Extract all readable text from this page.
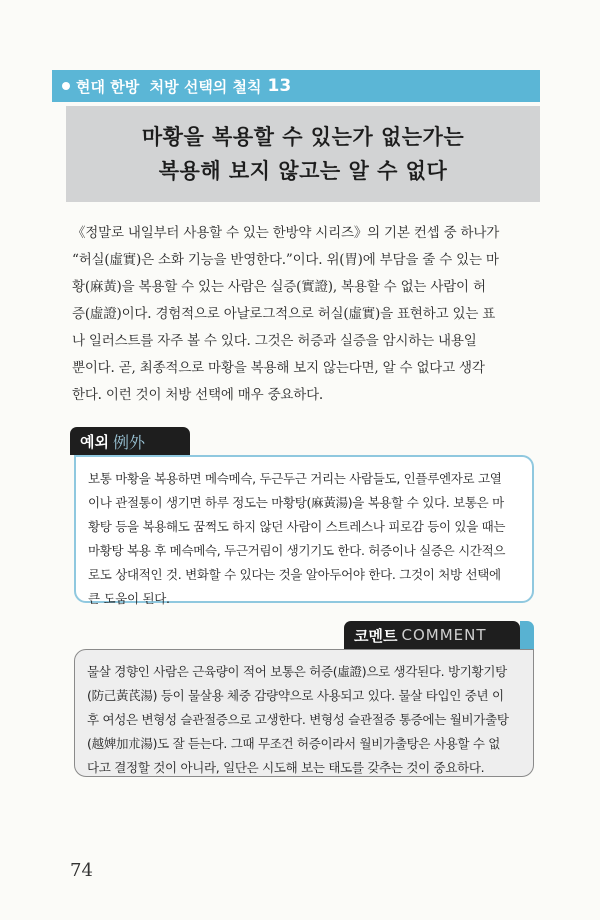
현대 한방  처방 선택의 철칙 13
마황을 복용할 수 있는가 없는가는
복용해 보지 않고는 알 수 없다
《정말로 내일부터 사용할 수 있는 한방약 시리즈》의 기본 컨셉 중 하나가
“허실(虛實)은 소화 기능을 반영한다.”이다. 위(胃)에 부담을 줄 수 있는 마
황(麻黃)을 복용할 수 있는 사람은 실증(實證), 복용할 수 없는 사람이 허
증(虛證)이다. 경험적으로 아날로그적으로 허실(虛實)을 표현하고 있는 표
나 일러스트를 자주 볼 수 있다. 그것은 허증과 실증을 암시하는 내용일
뿐이다. 곧, 최종적으로 마황을 복용해 보지 않는다면, 알 수 없다고 생각
한다. 이런 것이 처방 선택에 매우 중요하다.
예외 例外
보통 마황을 복용하면 메슥메슥, 두근두근 거리는 사람들도, 인플루엔자로 고열
이나 관절통이 생기면 하루 정도는 마황탕(麻黃湯)을 복용할 수 있다. 보통은 마
황탕 등을 복용해도 꿈쩍도 하지 않던 사람이 스트레스나 피로감 등이 있을 때는
마황탕 복용 후 메슥메슥, 두근거림이 생기기도 한다. 허증이나 실증은 시간적으
로도 상대적인 것. 변화할 수 있다는 것을 알아두어야 한다. 그것이 처방 선택에
큰 도움이 된다.
코멘트 COMMENT
물살 경향인 사람은 근육량이 적어 보통은 허증(虛證)으로 생각된다. 방기황기탕
(防己黃芪湯) 등이 물살용 체중 감량약으로 사용되고 있다. 물살 타입인 중년 이
후 여성은 변형성 슬관절증으로 고생한다. 변형성 슬관절증 통증에는 월비가출탕
(越婢加朮湯)도 잘 듣는다. 그때 무조건 허증이라서 월비가출탕은 사용할 수 없
다고 결정할 것이 아니라, 일단은 시도해 보는 태도를 갖추는 것이 중요하다.
74
